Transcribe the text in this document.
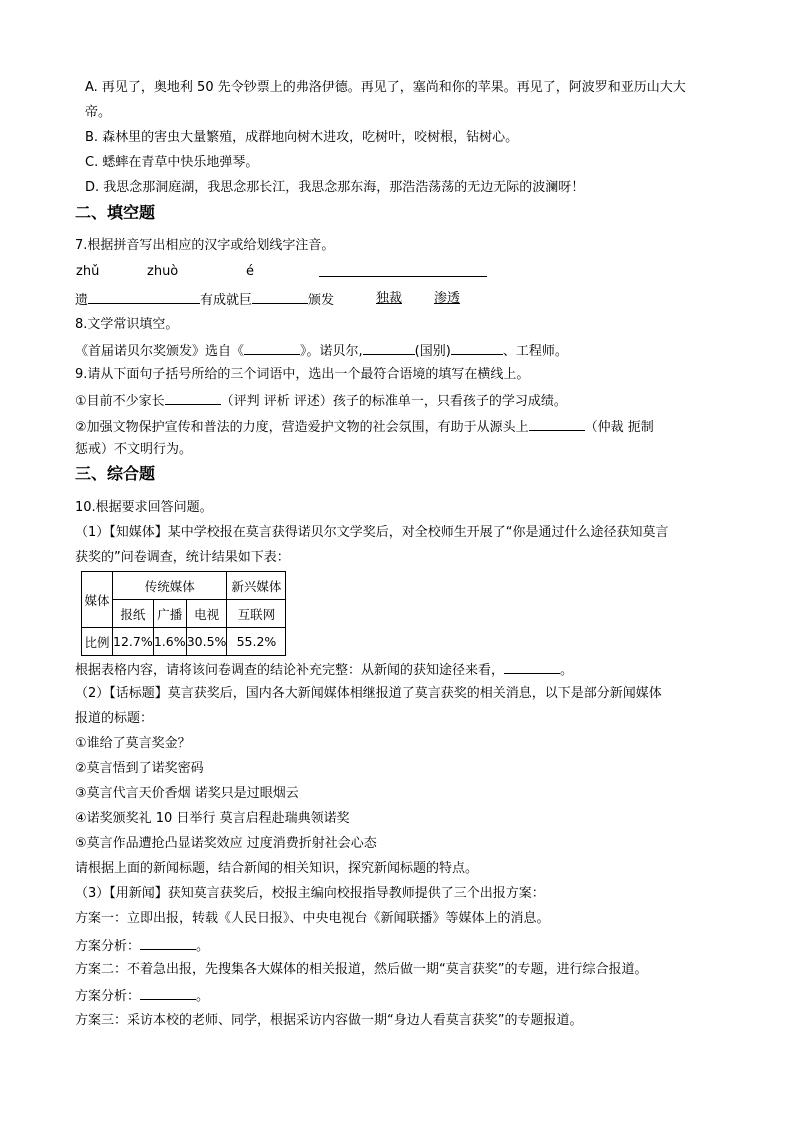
A. 再见了，奥地利 50 先令钞票上的弗洛伊德。再见了，塞尚和你的苹果。再见了，阿波罗和亚历山大大
帝。
B. 森林里的害虫大量繁殖，成群地向树木进攻，吃树叶，咬树根，钻树心。
C. 蟋蟀在青草中快乐地弹琴。
D. 我思念那洞庭湖，我思念那长江，我思念那东海，那浩浩荡荡的无边无际的波澜呀！
二、填空题
7.根据拼音写出相应的汉字或给划线字注音。
zhǔ	zhuò	é
遗	有成就巨	颁发	独裁 渗透
8.文学常识填空。
《首届诺贝尔奖颁发》选自《	》。诺贝尔,	(国别)	、工程师。
9.请从下面句子括号所给的三个词语中，选出一个最符合语境的填写在横线上。
①目前不少家长	（评判 评析 评述）孩子的标准单一，只看孩子的学习成绩。
②加强文物保护宣传和普法的力度，营造爱护文物的社会氛围，有助于从源头上	（仲裁 扼制
惩戒）不文明行为。
三、综合题
10.根据要求回答问题。
（1）【知媒体】某中学校报在莫言获得诺贝尔文学奖后，对全校师生开展了“你是通过什么途径获知莫言
获奖的”问卷调查，统计结果如下表：
媒体	传统媒体			新兴媒体
	报纸	广播	电视	互联网
比例	12.7%	1.6%	30.5%	55.2%
根据表格内容，请将该问卷调查的结论补充完整：从新闻的获知途径来看，	。
（2）【话标题】莫言获奖后，国内各大新闻媒体相继报道了莫言获奖的相关消息，以下是部分新闻媒体
报道的标题：
①谁给了莫言奖金？
②莫言悟到了诺奖密码
③莫言代言天价香烟 诺奖只是过眼烟云
④诺奖颁奖礼 10 日举行 莫言启程赴瑞典领诺奖
⑤莫言作品遭抢凸显诺奖效应 过度消费折射社会心态
请根据上面的新闻标题，结合新闻的相关知识，探究新闻标题的特点。
（3）【用新闻】获知莫言获奖后，校报主编向校报指导教师提供了三个出报方案：
方案一：立即出报，转载《人民日报》、中央电视台《新闻联播》等媒体上的消息。
方案分析：	。
方案二：不着急出报，先搜集各大媒体的相关报道，然后做一期“莫言获奖”的专题，进行综合报道。
方案分析：	。
方案三：采访本校的老师、同学，根据采访内容做一期“身边人看莫言获奖”的专题报道。
